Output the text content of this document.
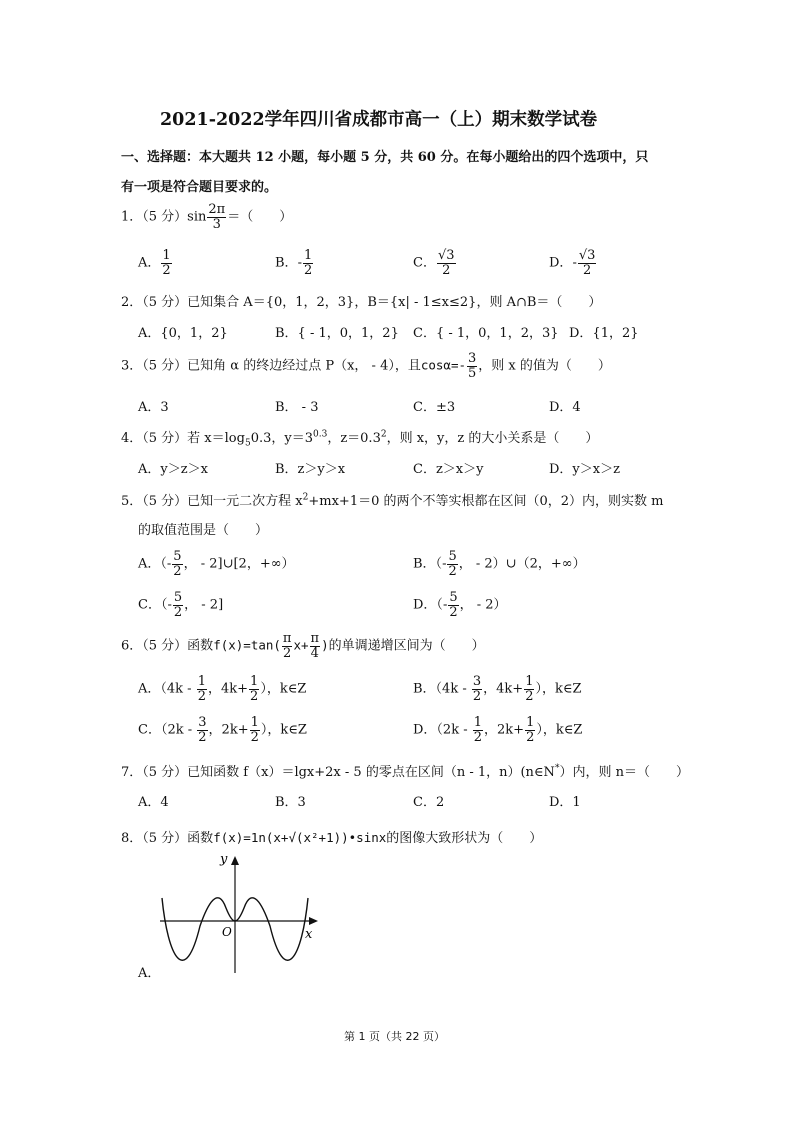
2021-2022学年四川省成都市高一（上）期末数学试卷
一、选择题：本大题共 12 小题，每小题 5 分，共 60 分。在每小题给出的四个选项中，只
有一项是符合题目要求的。
1．（5 分）$\sin \frac{2\pi}{3}$ ＝（　　）
A． $\frac{1}{2}$	B．- $\frac{1}{2}$	C． $\frac{√3}{2}$	D．- $\frac{√3}{2}$
2．（5 分）已知集合 A＝{0，1，2，3}，B＝{x| - 1≤x≤2}，则 A∩B＝（　　）
A．{0，1，2}	B．{ - 1，0，1，2} C．{ - 1，0，1，2，3} D．{1，2}
3．（5 分）已知角 α 的终边经过点 P（x， - 4），且$\cos\alpha=- \frac{3}{5}$ ，则 x 的值为（　　）
A．3	B． - 3	C．±3	D．4
4．（5 分）若 $x=\log_50.3$，$y=3^{0.3}$，$z=0.3^2$，则 x，y，z 的大小关系是（　　）
A．y＞z＞x	B．z＞y＞x	C．z＞x＞y	D．y＞x＞z
5．（5 分）已知一元二次方程 $x^2+mx+1=0$ 的两个不等实根都在区间（0，2）内，则实数 m
的取值范围是（　　）
A．（- $\frac{5}{2}$ ， - 2]∪[2，+∞）	B．（- $\frac{5}{2}$ ， - 2）∪（2，+∞）
C．（- $\frac{5}{2}$ ， - 2]	D．（- $\frac{5}{2}$ ， - 2）
6．（5 分）函数$f(x)=\tan( \frac{\pi}{2} x+ \frac{\pi}{4}$ )的单调递增区间为（　　）
A．（$4k - \frac{1}{2}$ ，$4k+ \frac{1}{2}$ ），k∈Z	B．（$4k - \frac{3}{2}$ ，$4k+ \frac{1}{2}$ ），k∈Z
C．（$2k - \frac{3}{2}$ ，$2k+ \frac{1}{2}$ ），k∈Z	D．（$2k - \frac{1}{2}$ ，$2k+ \frac{1}{2}$ ），k∈Z
7．（5 分）已知函数 f（x）＝lgx+2x - 5 的零点在区间（n - 1，n）(n∈N*）内，则 n＝（　　）
A．4	B．3	C．2	D．1
8．（5 分）函数f(x)=1n(x+√(x²+1))•sinx的图像大致形状为（　　）
y
x
O
A．
第 1 页（共 22 页）
